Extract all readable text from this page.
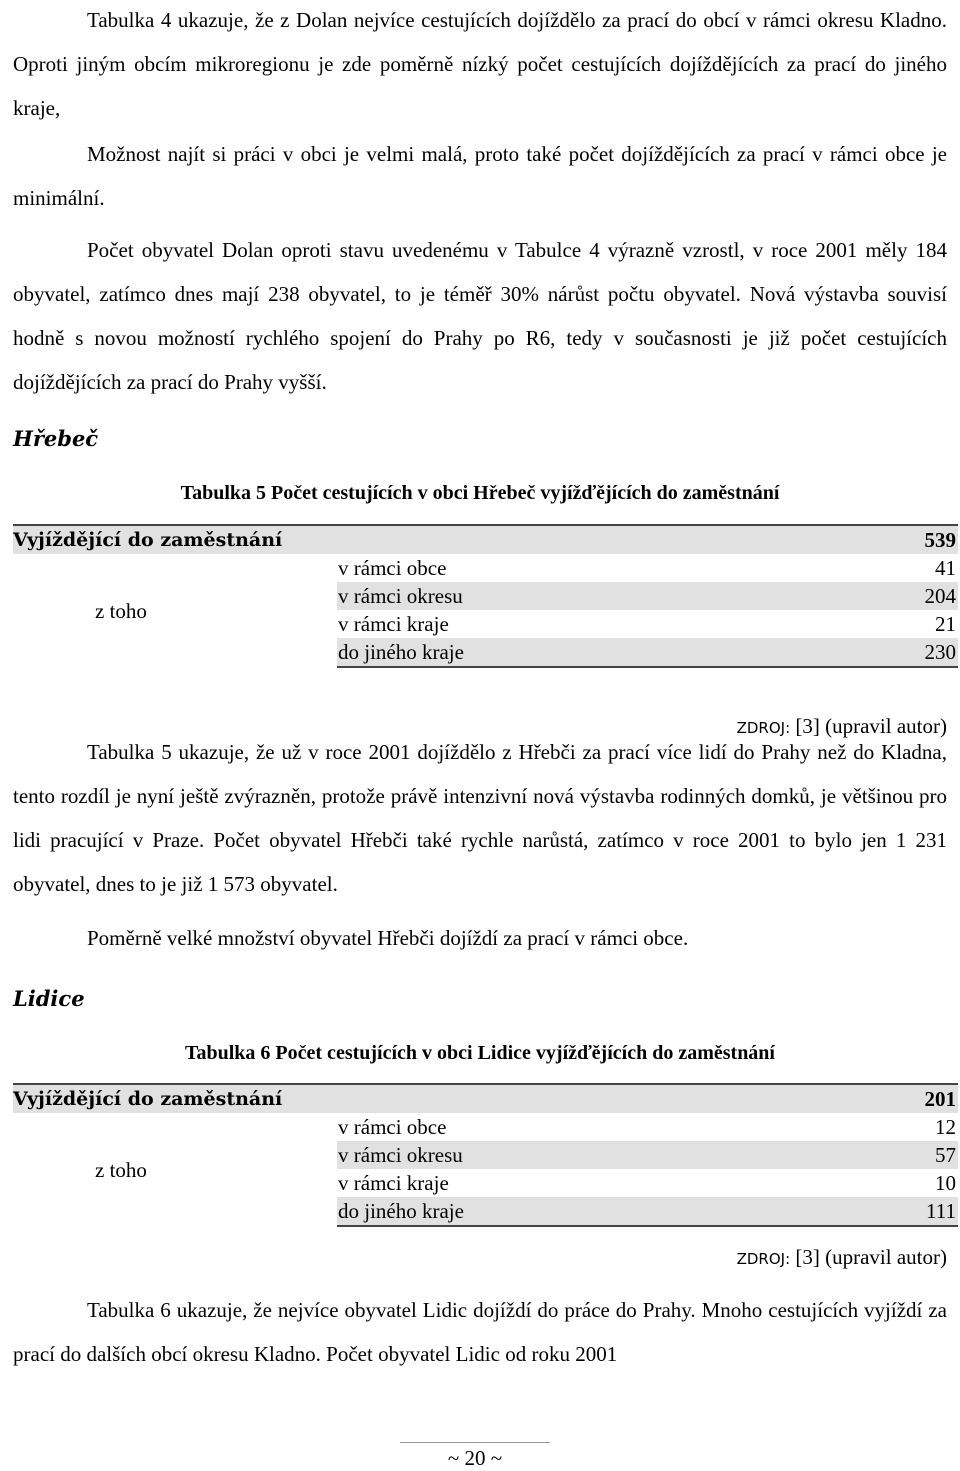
Tabulka 4 ukazuje, že z Dolan nejvíce cestujících dojíždělo za prací do obcí v rámci okresu Kladno. Oproti jiným obcím mikroregionu je zde poměrně nízký počet cestujících dojíždějících za prací do jiného kraje,

Možnost najít si práci v obci je velmi malá, proto také počet dojíždějících za prací v rámci obce je minimální.

Počet obyvatel Dolan oproti stavu uvedenému v Tabulce 4 výrazně vzrostl, v roce 2001 měly 184 obyvatel, zatímco dnes mají 238 obyvatel, to je téměř 30% nárůst počtu obyvatel. Nová výstavba souvisí hodně s novou možností rychlého spojení do Prahy po R6, tedy v současnosti je již počet cestujících dojíždějících za prací do Prahy vyšší.

Hřebeč
Tabulka 5 Počet cestujících v obci Hřebeč vyjížďějících do zaměstnání
Vyjíždějící do zaměstnání		539
z toho	v rámci obce	41
	v rámci okresu	204
	v rámci kraje	21
	do jiného kraje	230
ZDROJ: [3] (upravil autor)

Tabulka 5 ukazuje, že už v roce 2001 dojíždělo z Hřebči za prací více lidí do Prahy než do Kladna, tento rozdíl je nyní ještě zvýrazněn, protože právě intenzivní nová výstavba rodinných domků, je většinou pro lidi pracující v Praze. Počet obyvatel Hřebči také rychle narůstá, zatímco v roce 2001 to bylo jen 1 231 obyvatel, dnes to je již 1 573 obyvatel.

Poměrně velké množství obyvatel Hřebči dojíždí za prací v rámci obce.

Lidice
Tabulka 6 Počet cestujících v obci Lidice vyjížďějících do zaměstnání
Vyjíždějící do zaměstnání		201
z toho	v rámci obce	12
	v rámci okresu	57
	v rámci kraje	10
	do jiného kraje	111
ZDROJ: [3] (upravil autor)

Tabulka 6 ukazuje, že nejvíce obyvatel Lidic dojíždí do práce do Prahy. Mnoho cestujících vyjíždí za prací do dalších obcí okresu Kladno. Počet obyvatel Lidic od roku 2001

~ 20 ~
